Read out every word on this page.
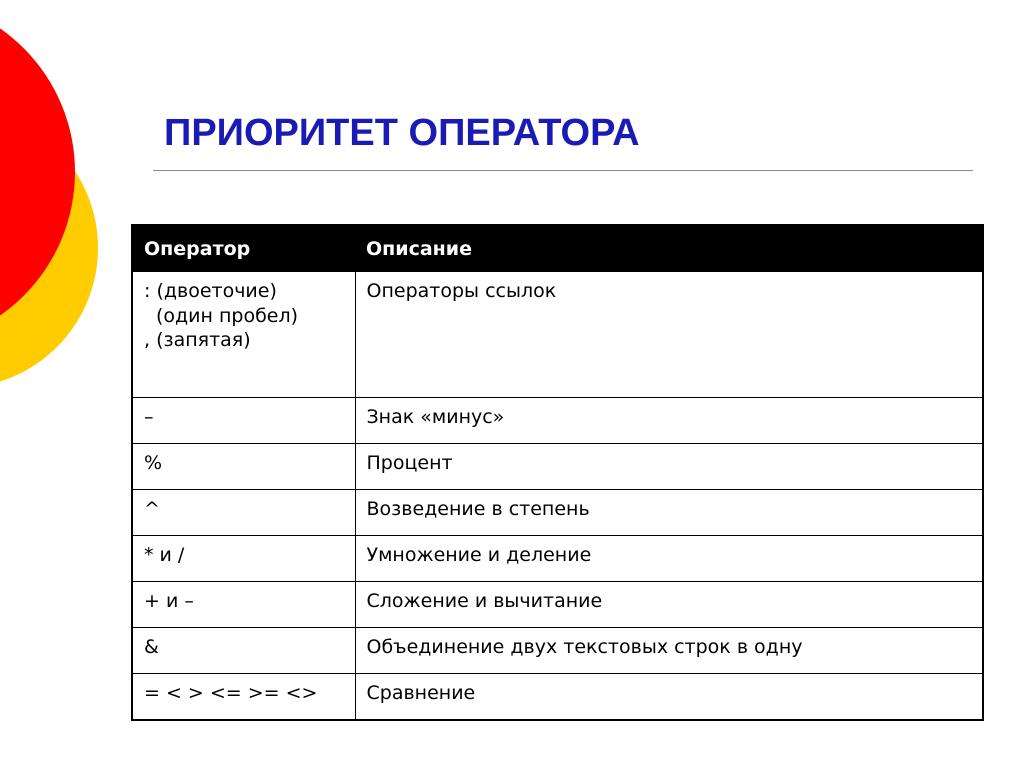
ПРИОРИТЕТ ОПЕРАТОРА
Оператор	Описание

: (двоеточие)
(один пробел)
, (запятая)	Операторы ссылок
–	Знак «минус»
%	Процент
^	Возведение в степень
* и /	Умножение и деление
+ и –	Сложение и вычитание
&	Объединение двух текстовых строк в одну
= < > <= >= <>	Сравнение
